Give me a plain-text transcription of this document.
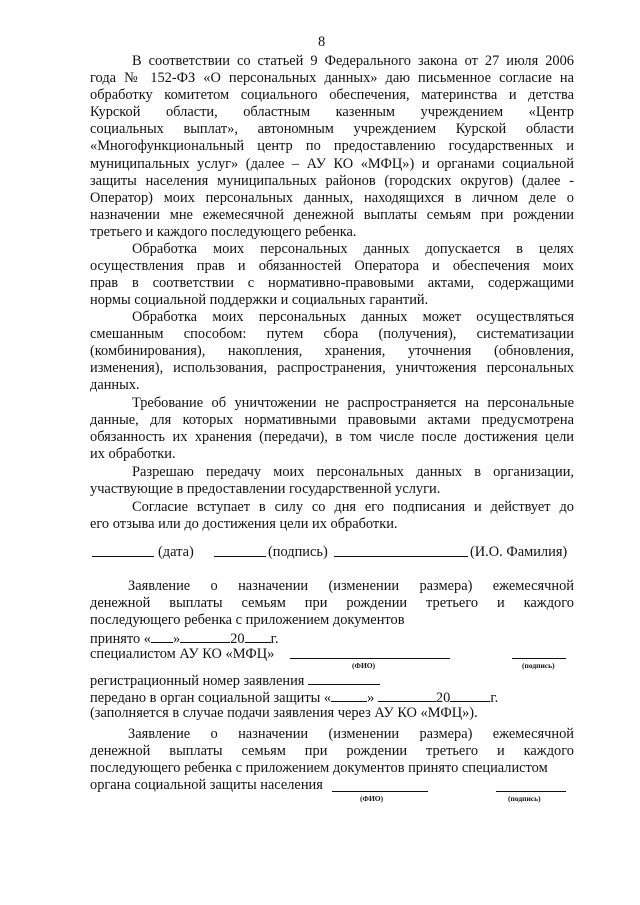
8
В соответствии со статьей 9 Федерального закона от 27 июля 2006
года № 152-ФЗ «О персональных данных» даю письменное согласие на
обработку комитетом социального обеспечения, материнства и детства
Курской области, областным казенным учреждением «Центр
социальных выплат», автономным учреждением Курской области
«Многофункциональный центр по предоставлению государственных и
муниципальных услуг» (далее – АУ КО «МФЦ») и органами социальной
защиты населения муниципальных районов (городских округов) (далее -
Оператор) моих персональных данных, находящихся в личном деле о
назначении мне ежемесячной денежной выплаты семьям при рождении
третьего и каждого последующего ребенка.
Обработка моих персональных данных допускается в целях
осуществления прав и обязанностей Оператора и обеспечения моих
прав в соответствии с нормативно-правовыми актами, содержащими
нормы социальной поддержки и социальных гарантий.
Обработка моих персональных данных может осуществляться
смешанным способом: путем сбора (получения), систематизации
(комбинирования), накопления, хранения, уточнения (обновления,
изменения), использования, распространения, уничтожения персональных
данных.
Требование об уничтожении не распространяется на персональные
данные, для которых нормативными правовыми актами предусмотрена
обязанность их хранения (передачи), в том числе после достижения цели
их обработки.
Разрешаю передачу моих персональных данных в организации,
участвующие в предоставлении государственной услуги.
Согласие вступает в силу со дня его подписания и действует до
его отзыва или до достижения цели их обработки.
(дата)	(подпись)	(И.О. Фамилия)
Заявление о назначении (изменении размера) ежемесячной
денежной выплаты семьям при рождении третьего и каждого
последующего ребенка с приложением документов
принято « »	20 г.
специалистом АУ КО «МФЦ»
(ФИО)	(подпись)
регистрационный номер заявления
передано в орган социальной защиты «	»	20	г.
(заполняется в случае подачи заявления через АУ КО «МФЦ»).
Заявление о назначении (изменении размера) ежемесячной
денежной выплаты семьям при рождении третьего и каждого
последующего ребенка с приложением документов принято специалистом
органа социальной защиты населения
(ФИО)	(подпись)
